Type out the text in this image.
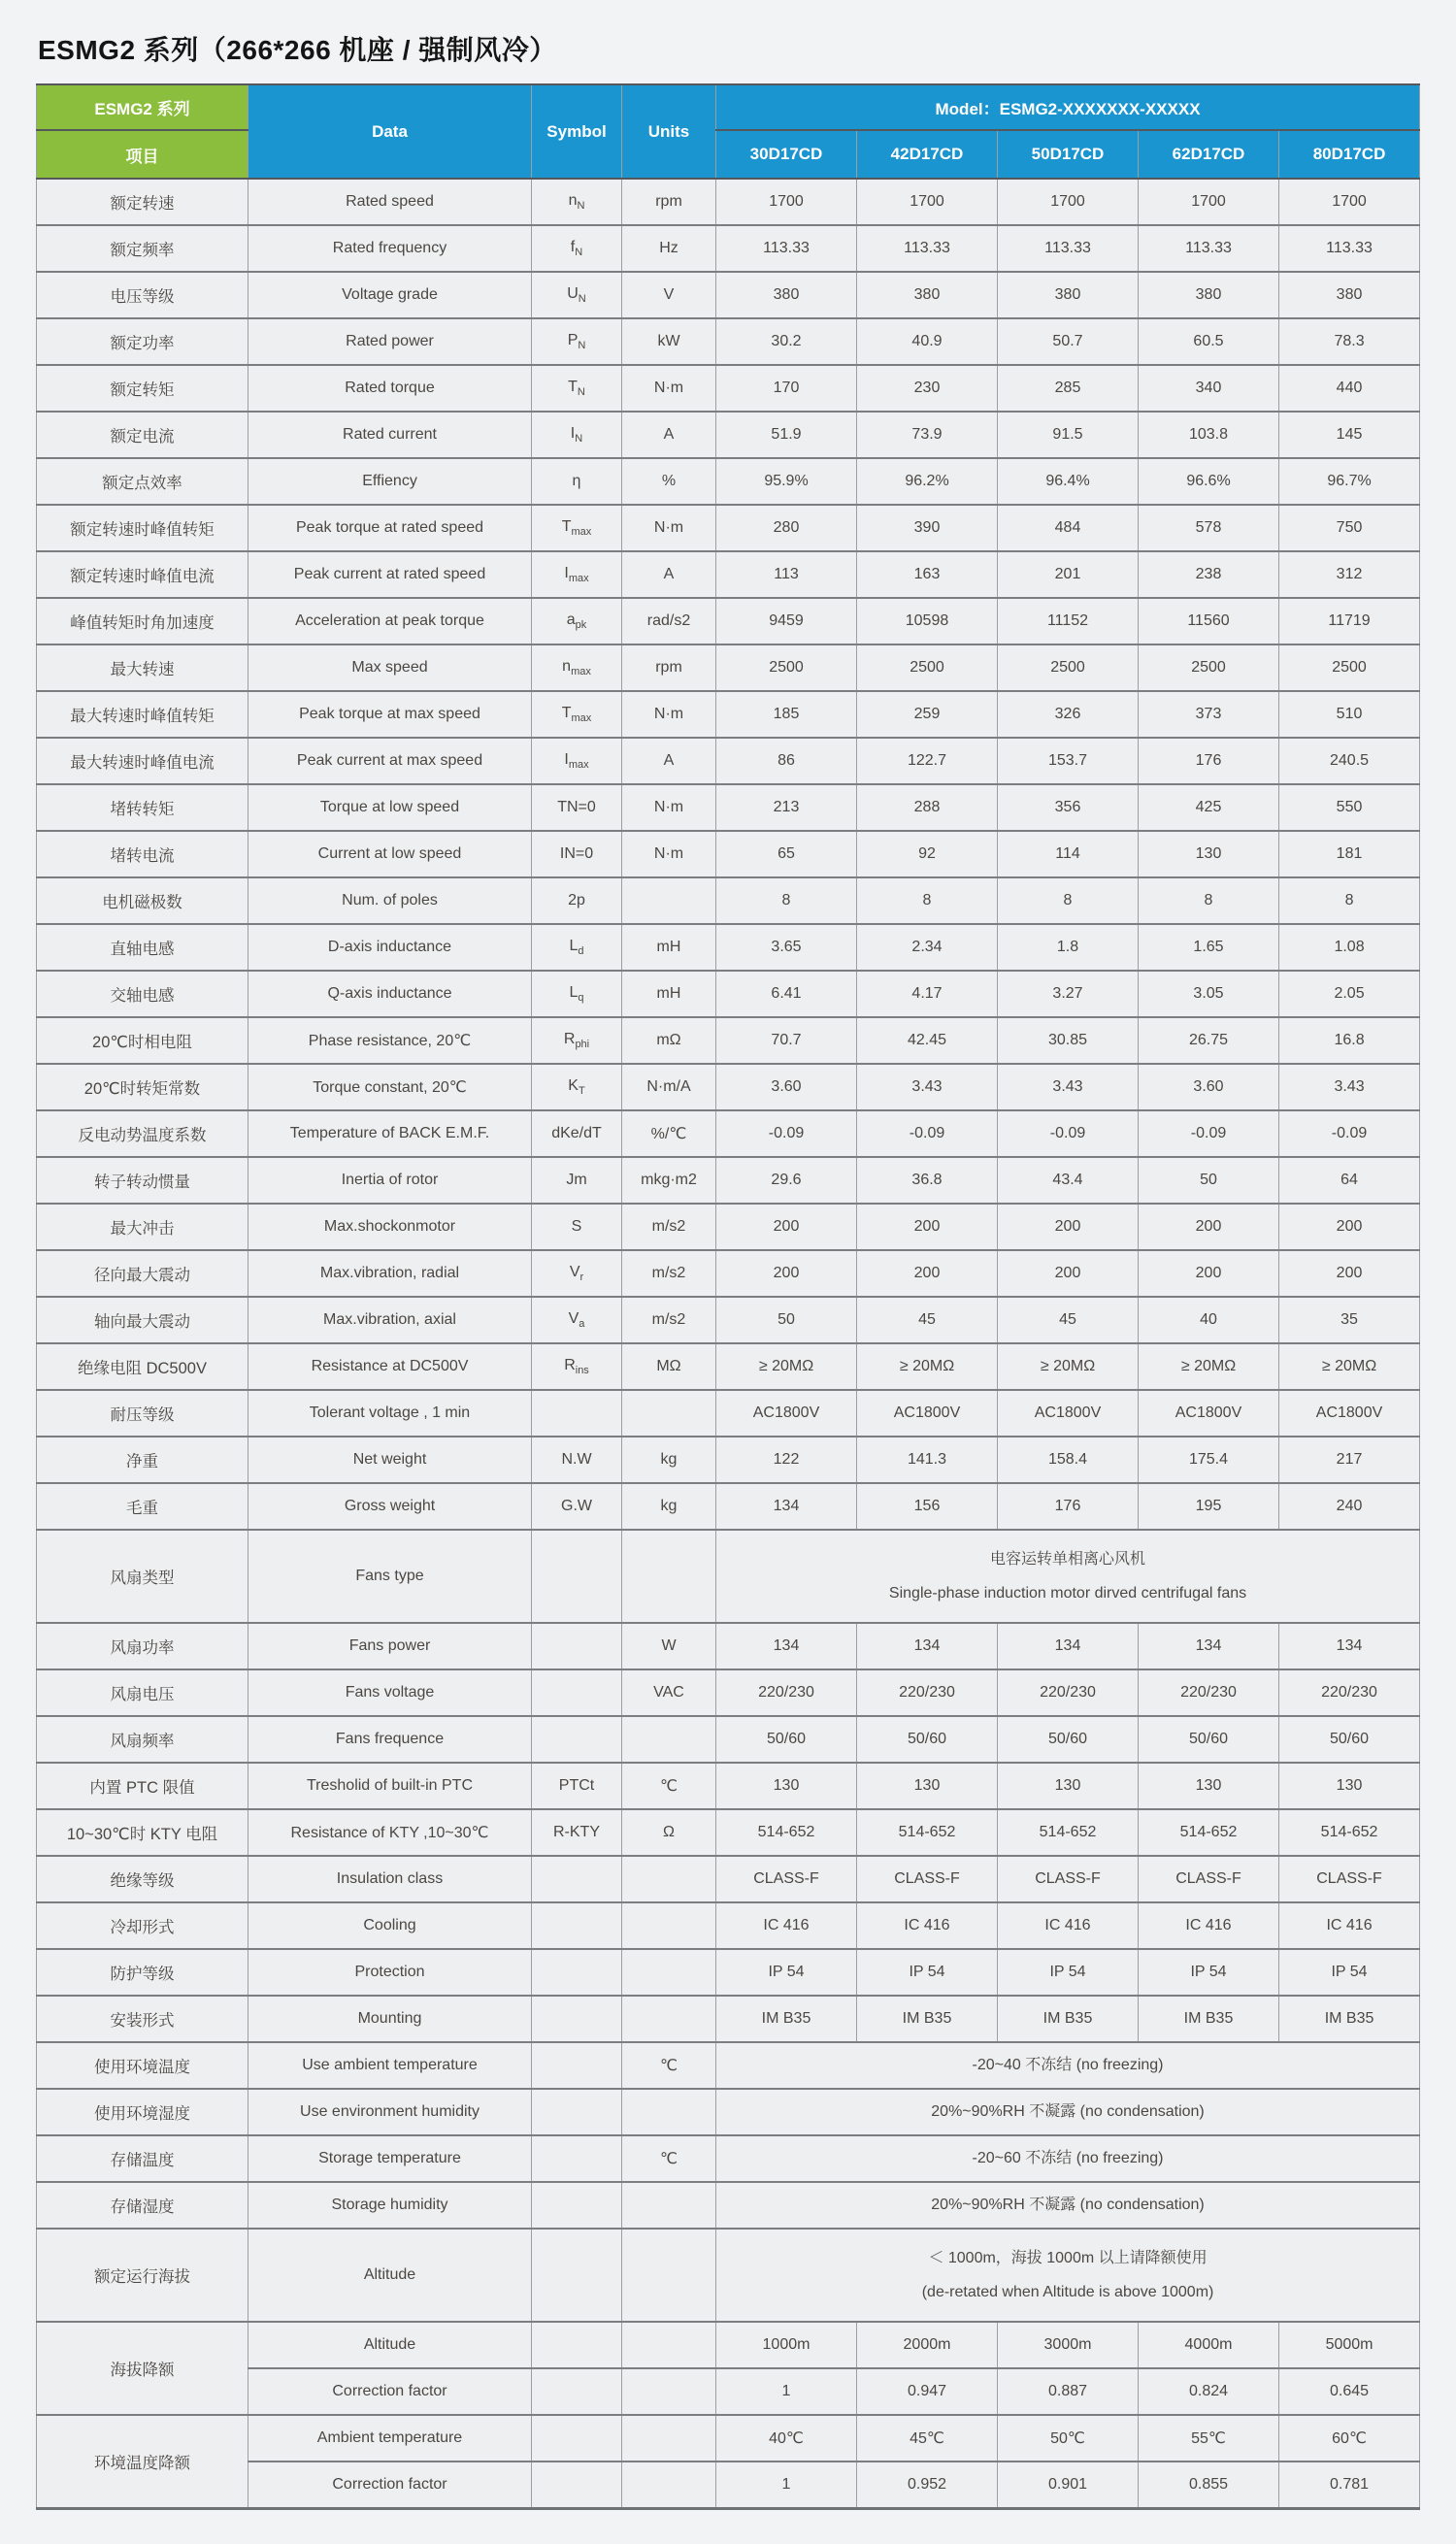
ESMG2 系列（266*266 机座 / 强制风冷）
ESMG2 系列	Data	Symbol	Units	Model：ESMG2-XXXXXXX-XXXXX				
项目				30D17CD	42D17CD	50D17CD	62D17CD	80D17CD
额定转速	Rated speed	$n_N$	rpm	1700	1700	1700	1700	1700
额定频率	Rated frequency	$f_N$	Hz	113.33	113.33	113.33	113.33	113.33
电压等级	Voltage grade	$U_N$	V	380	380	380	380	380
额定功率	Rated power	$P_N$	kW	30.2	40.9	50.7	60.5	78.3
额定转矩	Rated torque	$T_N$	N·m	170	230	285	340	440
额定电流	Rated current	$I_N$	A	51.9	73.9	91.5	103.8	145
额定点效率	Effiency	η	%	95.9%	96.2%	96.4%	96.6%	96.7%
额定转速时峰值转矩	Peak torque at rated speed	$T_{max}$	N·m	280	390	484	578	750
额定转速时峰值电流	Peak current at rated speed	$I_{max}$	A	113	163	201	238	312
峰值转矩时角加速度	Acceleration at peak torque	$a_{pk}$	rad/s2	9459	10598	11152	11560	11719
最大转速	Max speed	$n_{max}$	rpm	2500	2500	2500	2500	2500
最大转速时峰值转矩	Peak torque at max speed	$T_{max}$	N·m	185	259	326	373	510
最大转速时峰值电流	Peak current at max speed	$I_{max}$	A	86	122.7	153.7	176	240.5
堵转转矩	Torque at low speed	TN=0	N·m	213	288	356	425	550
堵转电流	Current at low speed	IN=0	N·m	65	92	114	130	181
电机磁极数	Num. of poles	2p		8	8	8	8	8
直轴电感	D-axis inductance	$L_d$	mH	3.65	2.34	1.8	1.65	1.08
交轴电感	Q-axis inductance	$L_q$	mH	6.41	4.17	3.27	3.05	2.05
20℃时相电阻	Phase resistance, 20℃	$R_{phi}$	mΩ	70.7	42.45	30.85	26.75	16.8
20℃时转矩常数	Torque constant, 20℃	$K_T$	N·m/A	3.60	3.43	3.43	3.60	3.43
反电动势温度系数	Temperature of BACK E.M.F.	dKe/dT	%/℃	-0.09	-0.09	-0.09	-0.09	-0.09
转子转动惯量	Inertia of rotor	Jm	mkg·m2	29.6	36.8	43.4	50	64
最大冲击	Max.shockonmotor	S	m/s2	200	200	200	200	200
径向最大震动	Max.vibration, radial	$V_r$	m/s2	200	200	200	200	200
轴向最大震动	Max.vibration, axial	$V_a$	m/s2	50	45	45	40	35
绝缘电阻 DC500V	Resistance at DC500V	$R_{ins}$	MΩ	≥ 20MΩ	≥ 20MΩ	≥ 20MΩ	≥ 20MΩ	≥ 20MΩ
耐压等级	Tolerant voltage , 1 min			AC1800V	AC1800V	AC1800V	AC1800V	AC1800V
净重	Net weight	N.W	kg	122	141.3	158.4	175.4	217
毛重	Gross weight	G.W	kg	134	156	176	195	240
风扇类型	Fans type			电容运转单相离心风机
Single-phase induction motor dirved centrifugal fans				

风扇功率	Fans power		W	134	134	134	134	134
风扇电压	Fans voltage		VAC	220/230	220/230	220/230	220/230	220/230
风扇频率	Fans frequence			50/60	50/60	50/60	50/60	50/60
内置 PTC 限值	Tresholid of built-in PTC	PTCt	℃	130	130	130	130	130
10~30℃时 KTY 电阻	Resistance of KTY ,10~30℃	R-KTY	Ω	514-652	514-652	514-652	514-652	514-652
绝缘等级	Insulation class			CLASS-F	CLASS-F	CLASS-F	CLASS-F	CLASS-F
冷却形式	Cooling			IC 416	IC 416	IC 416	IC 416	IC 416
防护等级	Protection			IP 54	IP 54	IP 54	IP 54	IP 54
安装形式	Mounting			IM B35	IM B35	IM B35	IM B35	IM B35
使用环境温度	Use ambient temperature		℃	-20~40 不冻结 (no freezing)				

使用环境湿度	Use environment humidity			20%~90%RH 不凝露 (no condensation)				

存储温度	Storage temperature		℃	-20~60 不冻结 (no freezing)				

存储湿度	Storage humidity			20%~90%RH 不凝露 (no condensation)				

额定运行海拔	Altitude			＜ 1000m，海拔 1000m 以上请降额使用
(de-retated when Altitude is above 1000m)				

海拔降额	Altitude			1000m	2000m	3000m	4000m	5000m
	Correction factor			1	0.947	0.887	0.824	0.645
环境温度降额	Ambient temperature			40℃	45℃	50℃	55℃	60℃
	Correction factor			1	0.952	0.901	0.855	0.781
